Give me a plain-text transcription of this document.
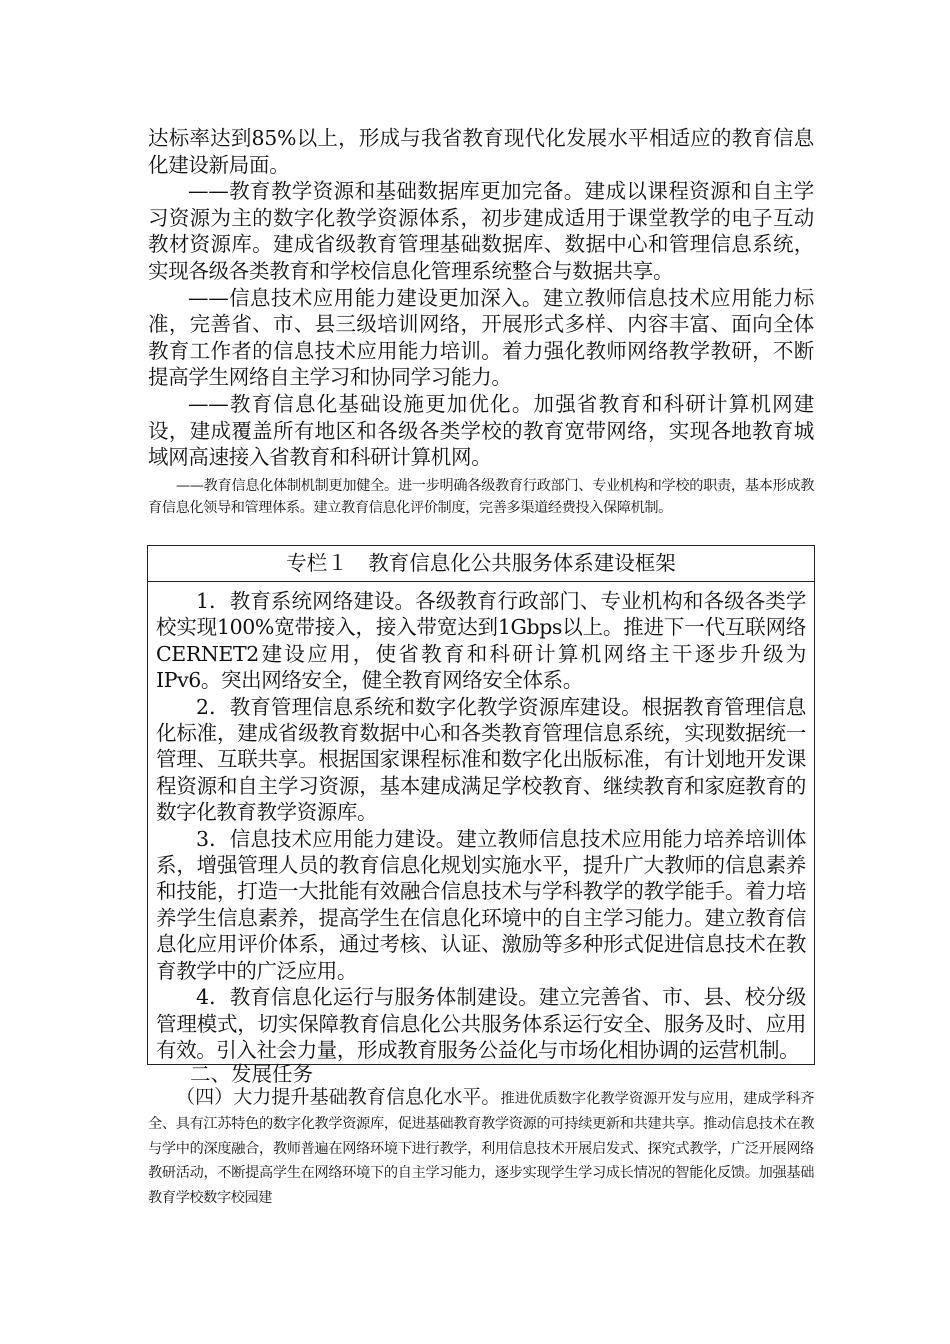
达标率达到85%以上，形成与我省教育现代化发展水平相适应的教育信息化建设新局面。

——教育教学资源和基础数据库更加完备。建成以课程资源和自主学习资源为主的数字化教学资源体系，初步建成适用于课堂教学的电子互动教材资源库。建成省级教育管理基础数据库、数据中心和管理信息系统，实现各级各类教育和学校信息化管理系统整合与数据共享。

——信息技术应用能力建设更加深入。建立教师信息技术应用能力标准，完善省、市、县三级培训网络，开展形式多样、内容丰富、面向全体教育工作者的信息技术应用能力培训。着力强化教师网络教学教研，不断提高学生网络自主学习和协同学习能力。

——教育信息化基础设施更加优化。加强省教育和科研计算机网建设，建成覆盖所有地区和各级各类学校的教育宽带网络，实现各地教育城域网高速接入省教育和科研计算机网。

——教育信息化体制机制更加健全。进一步明确各级教育行政部门、专业机构和学校的职责，基本形成教育信息化领导和管理体系。建立教育信息化评价制度，完善多渠道经费投入保障机制。

专栏１　教育信息化公共服务体系建设框架

1．教育系统网络建设。各级教育行政部门、专业机构和各级各类学校实现100%宽带接入，接入带宽达到1Gbps以上。推进下一代互联网络CERNET2建设应用，使省教育和科研计算机网络主干逐步升级为IPv6。突出网络安全，健全教育网络安全体系。

2．教育管理信息系统和数字化教学资源库建设。根据教育管理信息化标准，建成省级教育数据中心和各类教育管理信息系统，实现数据统一管理、互联共享。根据国家课程标准和数字化出版标准，有计划地开发课程资源和自主学习资源，基本建成满足学校教育、继续教育和家庭教育的数字化教育教学资源库。

3．信息技术应用能力建设。建立教师信息技术应用能力培养培训体系，增强管理人员的教育信息化规划实施水平，提升广大教师的信息素养和技能，打造一大批能有效融合信息技术与学科教学的教学能手。着力培养学生信息素养，提高学生在信息化环境中的自主学习能力。建立教育信息化应用评价体系，通过考核、认证、激励等多种形式促进信息技术在教育教学中的广泛应用。

4．教育信息化运行与服务体制建设。建立完善省、市、县、校分级管理模式，切实保障教育信息化公共服务体系运行安全、服务及时、应用有效。引入社会力量，形成教育服务公益化与市场化相协调的运营机制。

二、发展任务

（四）大力提升基础教育信息化水平。推进优质数字化教学资源开发与应用，建成学科齐全、具有江苏特色的数字化教学资源库，促进基础教育教学资源的可持续更新和共建共享。推动信息技术在教与学中的深度融合，教师普遍在网络环境下进行教学，利用信息技术开展启发式、探究式教学，广泛开展网络教研活动，不断提高学生在网络环境下的自主学习能力，逐步实现学生学习成长情况的智能化反馈。加强基础教育学校数字校园建
